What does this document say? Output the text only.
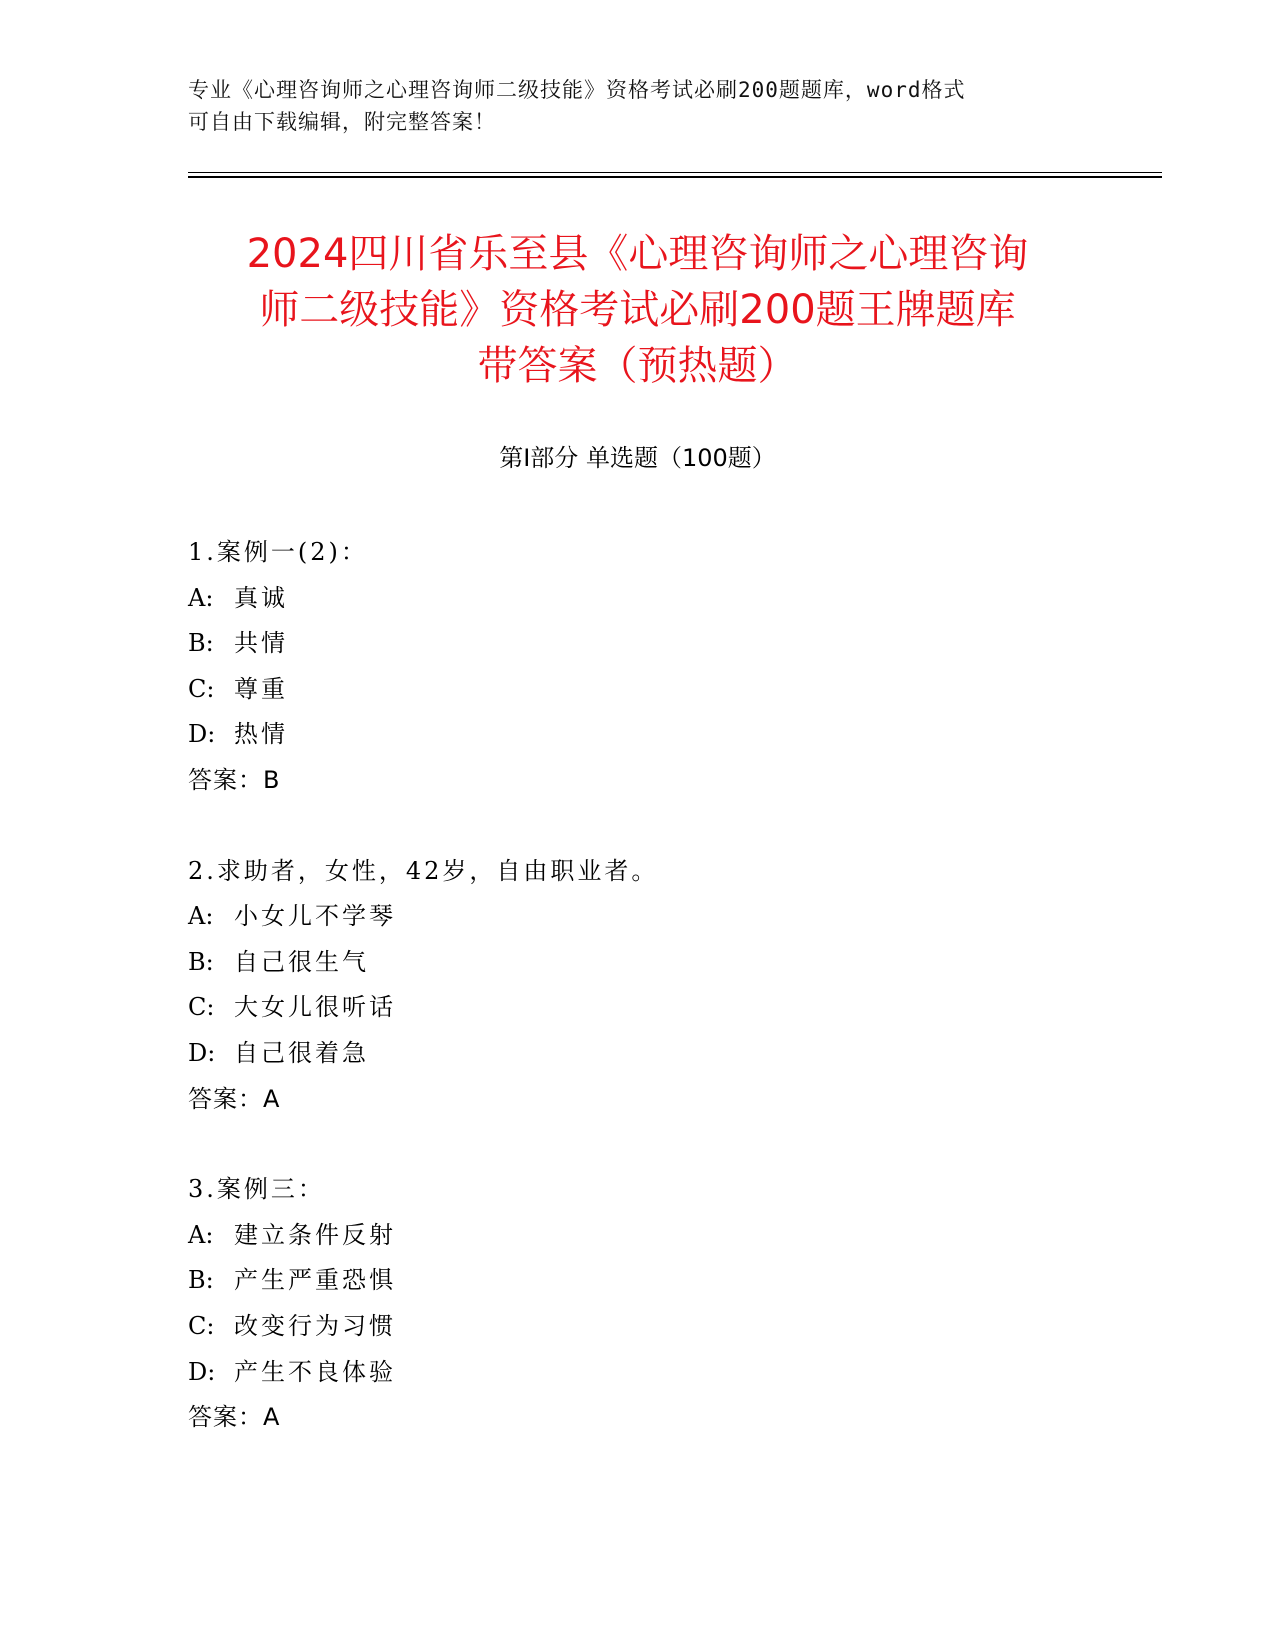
专业《心理咨询师之心理咨询师二级技能》资格考试必刷200题题库，word格式
可自由下载编辑，附完整答案！
2024四川省乐至县《心理咨询师之心理咨询
师二级技能》资格考试必刷200题王牌题库
带答案（预热题）
第I部分 单选题（100题）
1.案例一(2)：
A: 真诚
B: 共情
C: 尊重
D: 热情
答案：B
2.求助者，女性，42岁，自由职业者。
A: 小女儿不学琴
B: 自己很生气
C: 大女儿很听话
D: 自己很着急
答案：A
3.案例三：
A: 建立条件反射
B: 产生严重恐惧
C: 改变行为习惯
D: 产生不良体验
答案：A
